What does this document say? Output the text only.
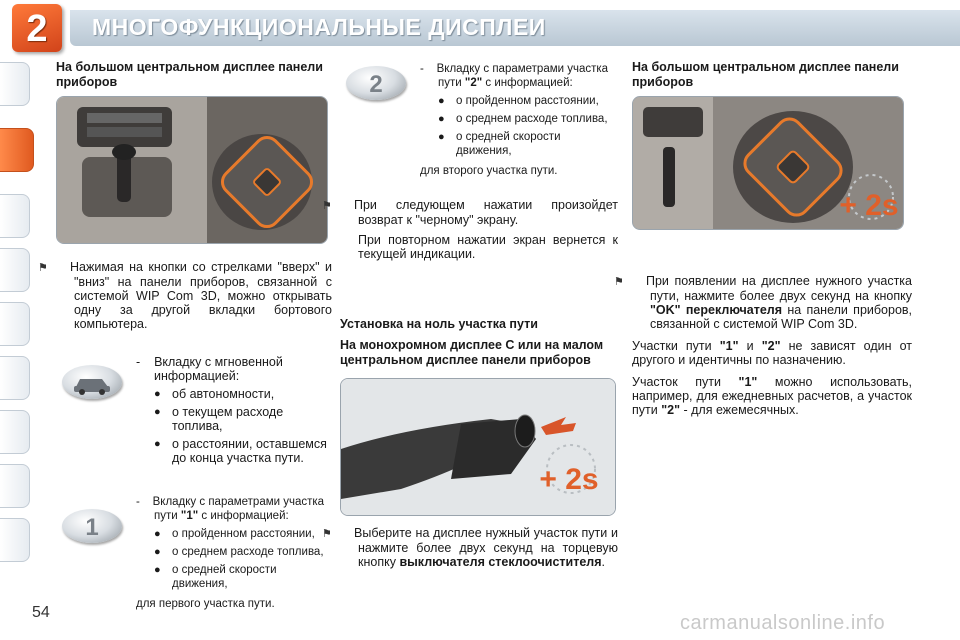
2	МНОГОФУНКЦИОНАЛЬНЫЕ ДИСПЛЕИ
На большом центральном дисплее панели приборов
⚑ Нажимая на кнопки со стрелками "вверх" и "вниз" на панели приборов, связанной с системой WIP Com 3D, можно открывать одну за другой вкладки бортового компьютера.
-    Вкладку с мгновенной информацией:
● об автономности,
● о текущем расходе топлива,
● о расстоянии, оставшемся до конца участка пути.
1
-    Вкладку с параметрами участка пути "1" с информацией:
● о пройденном расстоянии,
● о среднем расходе топлива,
● о средней скорости движения,
для первого участка пути.
2
-    Вкладку с параметрами участка пути "2" с информацией:
● о пройденном расстоянии,
● о среднем расходе топлива,
● о средней скорости движения,
для второго участка пути.
⚑ При следующем нажатии произойдет возврат к "черному" экрану.
При повторном нажатии экран вернется к текущей индикации.
Установка на ноль участка пути
На монохромном дисплее С или на малом центральном дисплее панели приборов
+ 2s
⚑ Выберите на дисплее нужный участок пути и нажмите более двух секунд на торцевую кнопку выключателя стеклоочистителя.
На большом центральном дисплее панели приборов
+ 2s
⚑ При появлении на дисплее нужного участка пути, нажмите более двух секунд на кнопку "OK" переключателя на панели приборов, связанной с системой WIP Com 3D.
Участки пути "1" и "2" не зависят один от другого и идентичны по назначению.
Участок пути "1" можно использовать, например, для ежедневных расчетов, а участок пути "2" - для ежемесячных.
54	carmanualsonline.info
